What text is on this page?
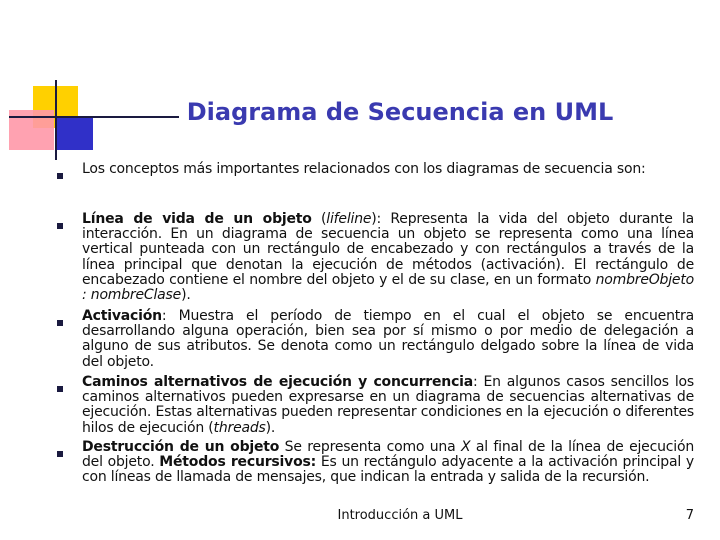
Diagrama de Secuencia en UML
Los conceptos más importantes relacionados con los diagramas de secuencia son:
Línea de vida de un objeto (lifeline): Representa la vida del objeto durante la interacción. En un diagrama de secuencia un objeto se representa como una línea vertical punteada con un rectángulo de encabezado y con rectángulos a través de la línea principal que denotan la ejecución de métodos (activación). El rectángulo de encabezado contiene el nombre del objeto y el de su clase, en un formato nombreObjeto : nombreClase).
Activación: Muestra el período de tiempo en el cual el objeto se encuentra desarrollando alguna operación, bien sea por sí mismo o por medio de delegación a alguno de sus atributos. Se denota como un rectángulo delgado sobre la línea de vida del objeto.
Caminos alternativos de ejecución y concurrencia: En algunos casos sencillos los caminos alternativos pueden expresarse en un diagrama de secuencias alternativas de ejecución. Estas alternativas pueden representar condiciones en la ejecución o diferentes hilos de ejecución (threads).
Destrucción de un objeto Se representa como una X al final de la línea de ejecución del objeto. Métodos recursivos: Es un rectángulo adyacente a la activación principal y con líneas de llamada de mensajes, que indican la entrada y salida de la recursión.
Introducción a UML	7
